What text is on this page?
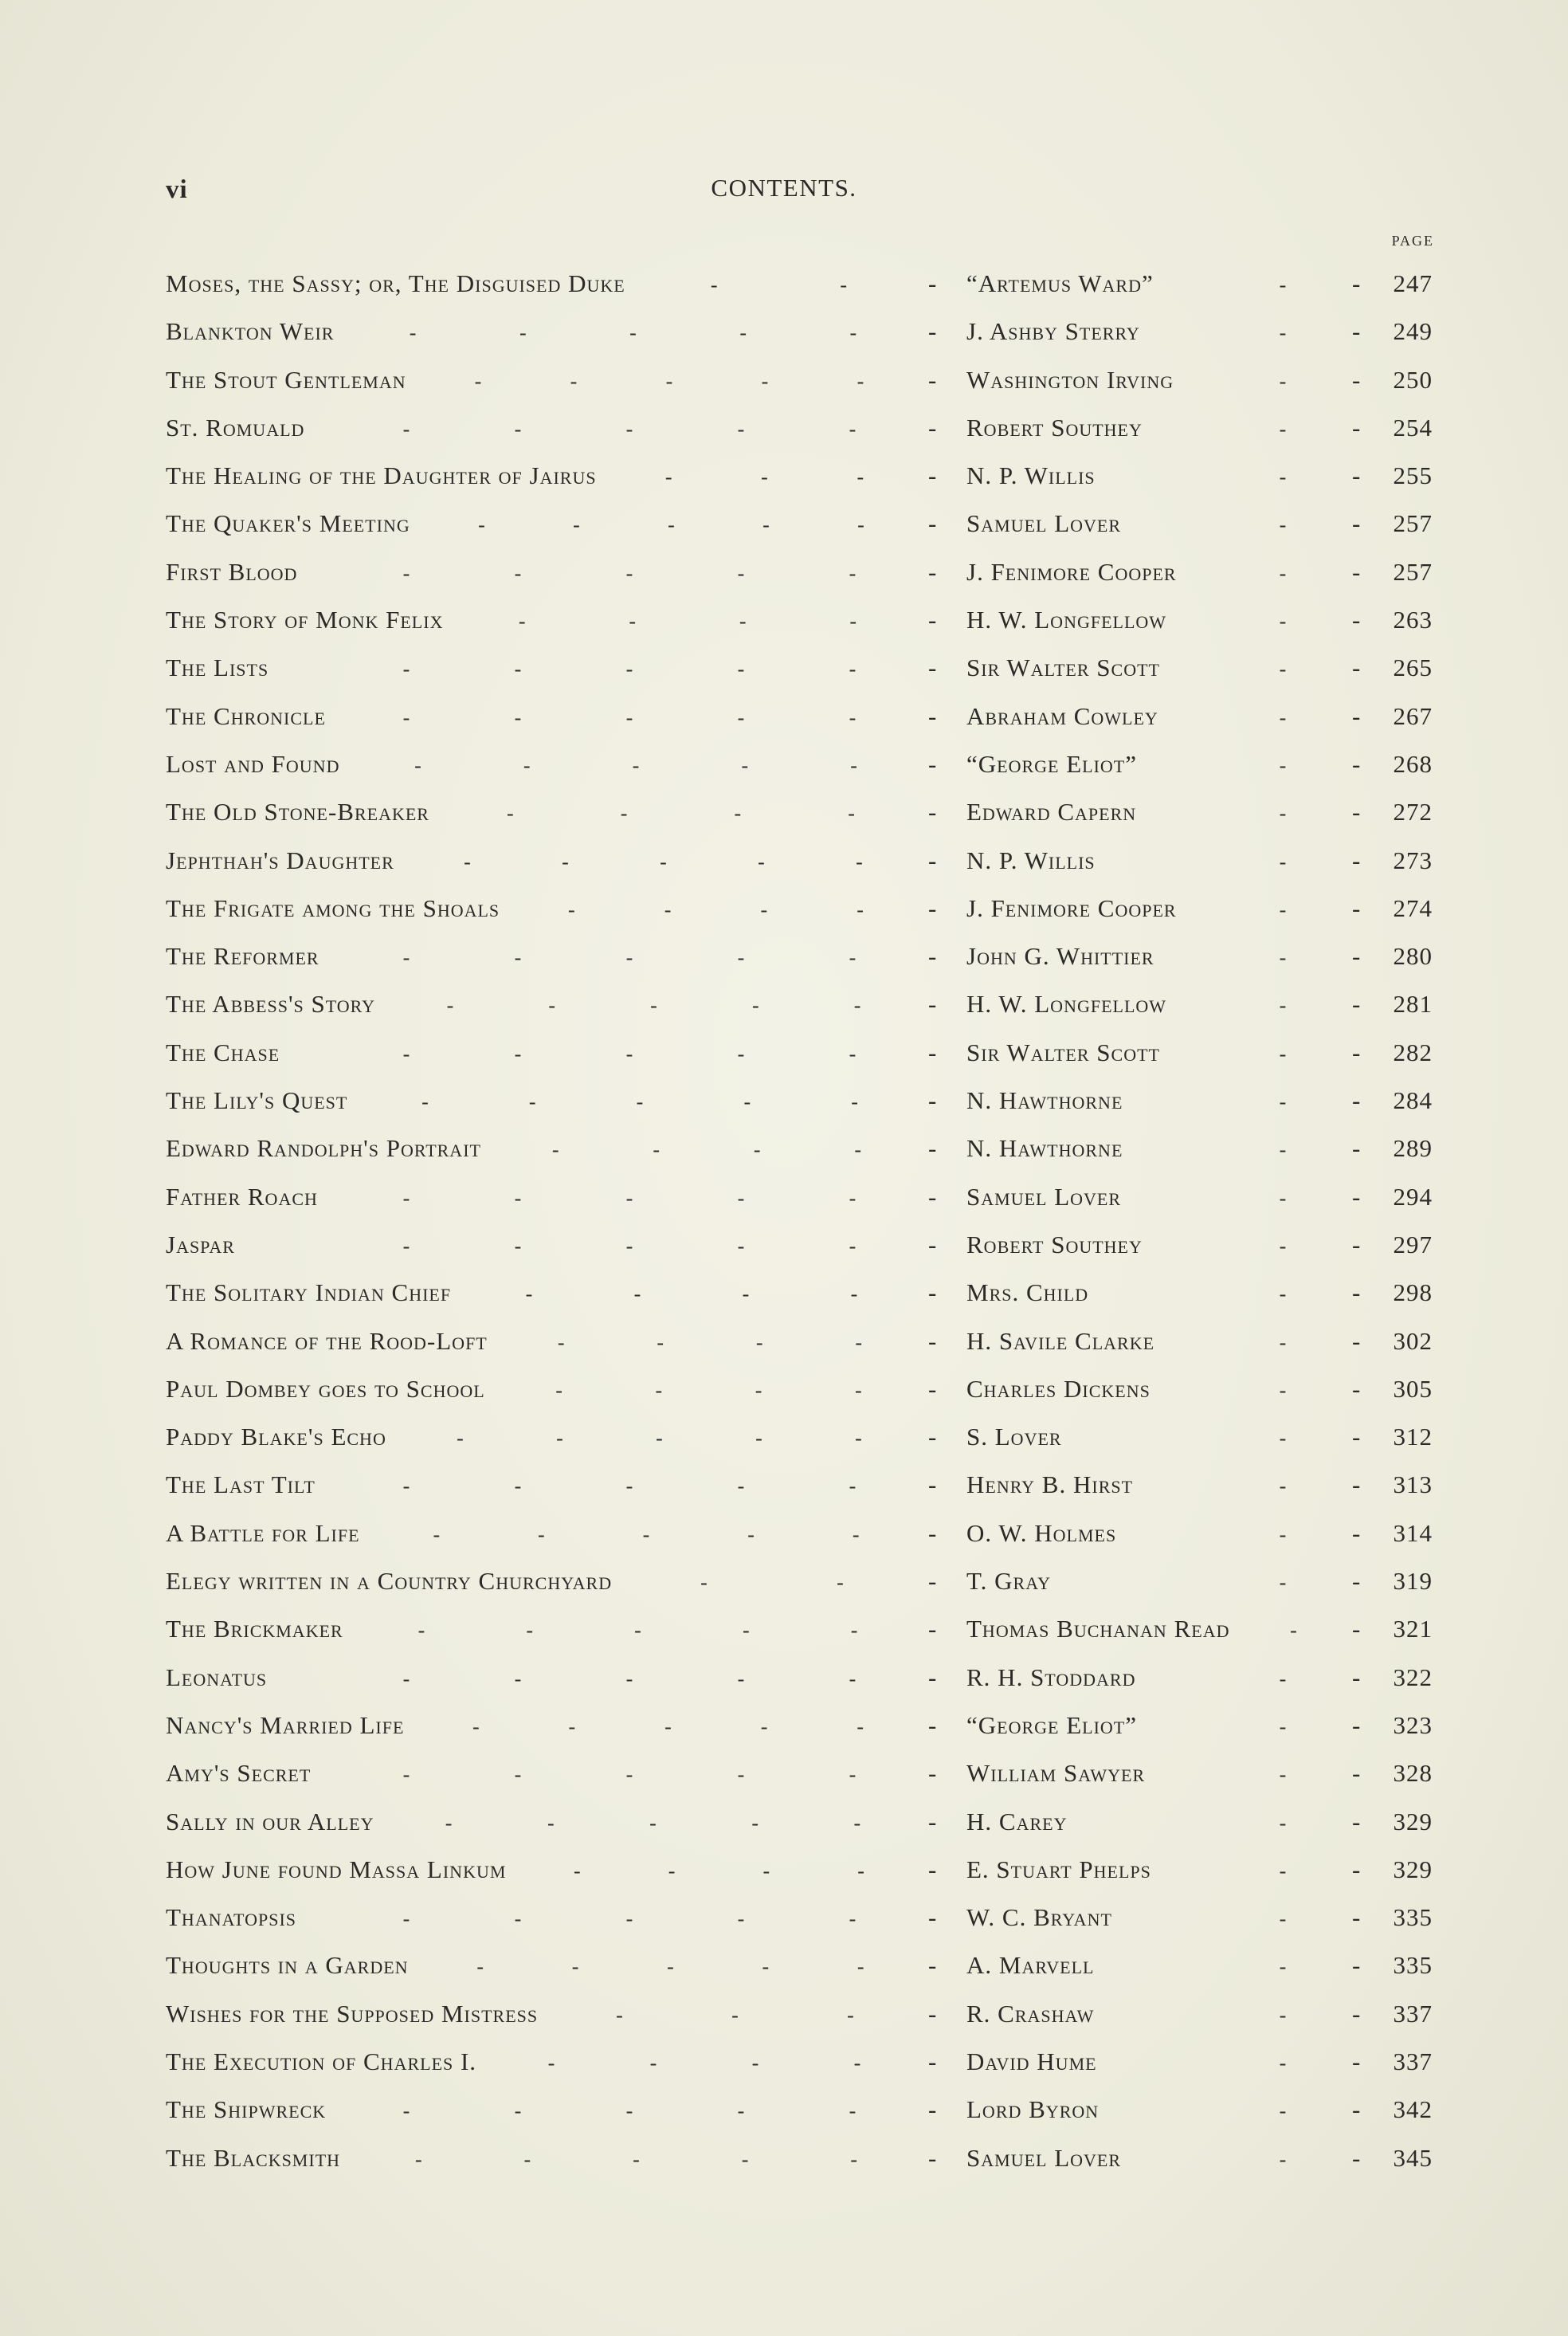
vi	CONTENTS.
PAGE
Moses, the Sassy; or, The Disguised Duke	-	-	- “Artemus Ward”	-	-	247
Blankton Weir	-	-	-	-	-	- J. Ashby Sterry	-	-	249
The Stout Gentleman	-	-	-	-	-	- Washington Irving	-	-	250
St. Romuald	-	-	-	-	-	- Robert Southey	-	-	254
The Healing of the Daughter of Jairus	-	-	-	- N. P. Willis	-	-	255
The Quaker's Meeting	-	-	-	-	-	- Samuel Lover	-	-	257
First Blood	-	-	-	-	-	- J. Fenimore Cooper	-	-	257
The Story of Monk Felix	-	-	-	-	- H. W. Longfellow	-	-	263
The Lists	-	-	-	-	-	- Sir Walter Scott	-	-	265
The Chronicle	-	-	-	-	-	- Abraham Cowley	-	-	267
Lost and Found	-	-	-	-	-	- “George Eliot”	-	-	268
The Old Stone-Breaker	-	-	-	-	- Edward Capern	-	-	272
Jephthah's Daughter	-	-	-	-	-	- N. P. Willis	-	-	273
The Frigate among the Shoals	-	-	-	-	- J. Fenimore Cooper	-	-	274
The Reformer	-	-	-	-	-	- John G. Whittier	-	-	280
The Abbess's Story	-	-	-	-	-	- H. W. Longfellow	-	-	281
The Chase	-	-	-	-	-	- Sir Walter Scott	-	-	282
The Lily's Quest	-	-	-	-	-	- N. Hawthorne	-	-	284
Edward Randolph's Portrait	-	-	-	-	- N. Hawthorne	-	-	289
Father Roach	-	-	-	-	-	- Samuel Lover	-	-	294
Jaspar	-	-	-	-	-	- Robert Southey	-	-	297
The Solitary Indian Chief	-	-	-	-	- Mrs. Child	-	-	298
A Romance of the Rood-Loft	-	-	-	-	- H. Savile Clarke	-	-	302
Paul Dombey goes to School	-	-	-	-	- Charles Dickens	-	-	305
Paddy Blake's Echo	-	-	-	-	-	- S. Lover	-	-	312
The Last Tilt	-	-	-	-	-	- Henry B. Hirst	-	-	313
A Battle for Life	-	-	-	-	-	- O. W. Holmes	-	-	314
Elegy written in a Country Churchyard	-	-	- T. Gray	-	-	319
The Brickmaker	-	-	-	-	-	- Thomas Buchanan Read	- -	321
Leonatus	-	-	-	-	-	- R. H. Stoddard	-	-	322
Nancy's Married Life	-	-	-	-	-	- “George Eliot”	-	-	323
Amy's Secret	-	-	-	-	-	- William Sawyer	-	-	328
Sally in our Alley	-	-	-	-	-	- H. Carey	-	-	329
How June found Massa Linkum	-	-	-	-	- E. Stuart Phelps	-	-	329
Thanatopsis	-	-	-	-	-	- W. C. Bryant	-	-	335
Thoughts in a Garden	-	-	-	-	-	- A. Marvell	-	-	335
Wishes for the Supposed Mistress	-	-	-	- R. Crashaw	-	-	337
The Execution of Charles I.	-	-	-	-	- David Hume	-	-	337
The Shipwreck	-	-	-	-	-	- Lord Byron	-	-	342
The Blacksmith	-	-	-	-	-	- Samuel Lover	-	-	345
